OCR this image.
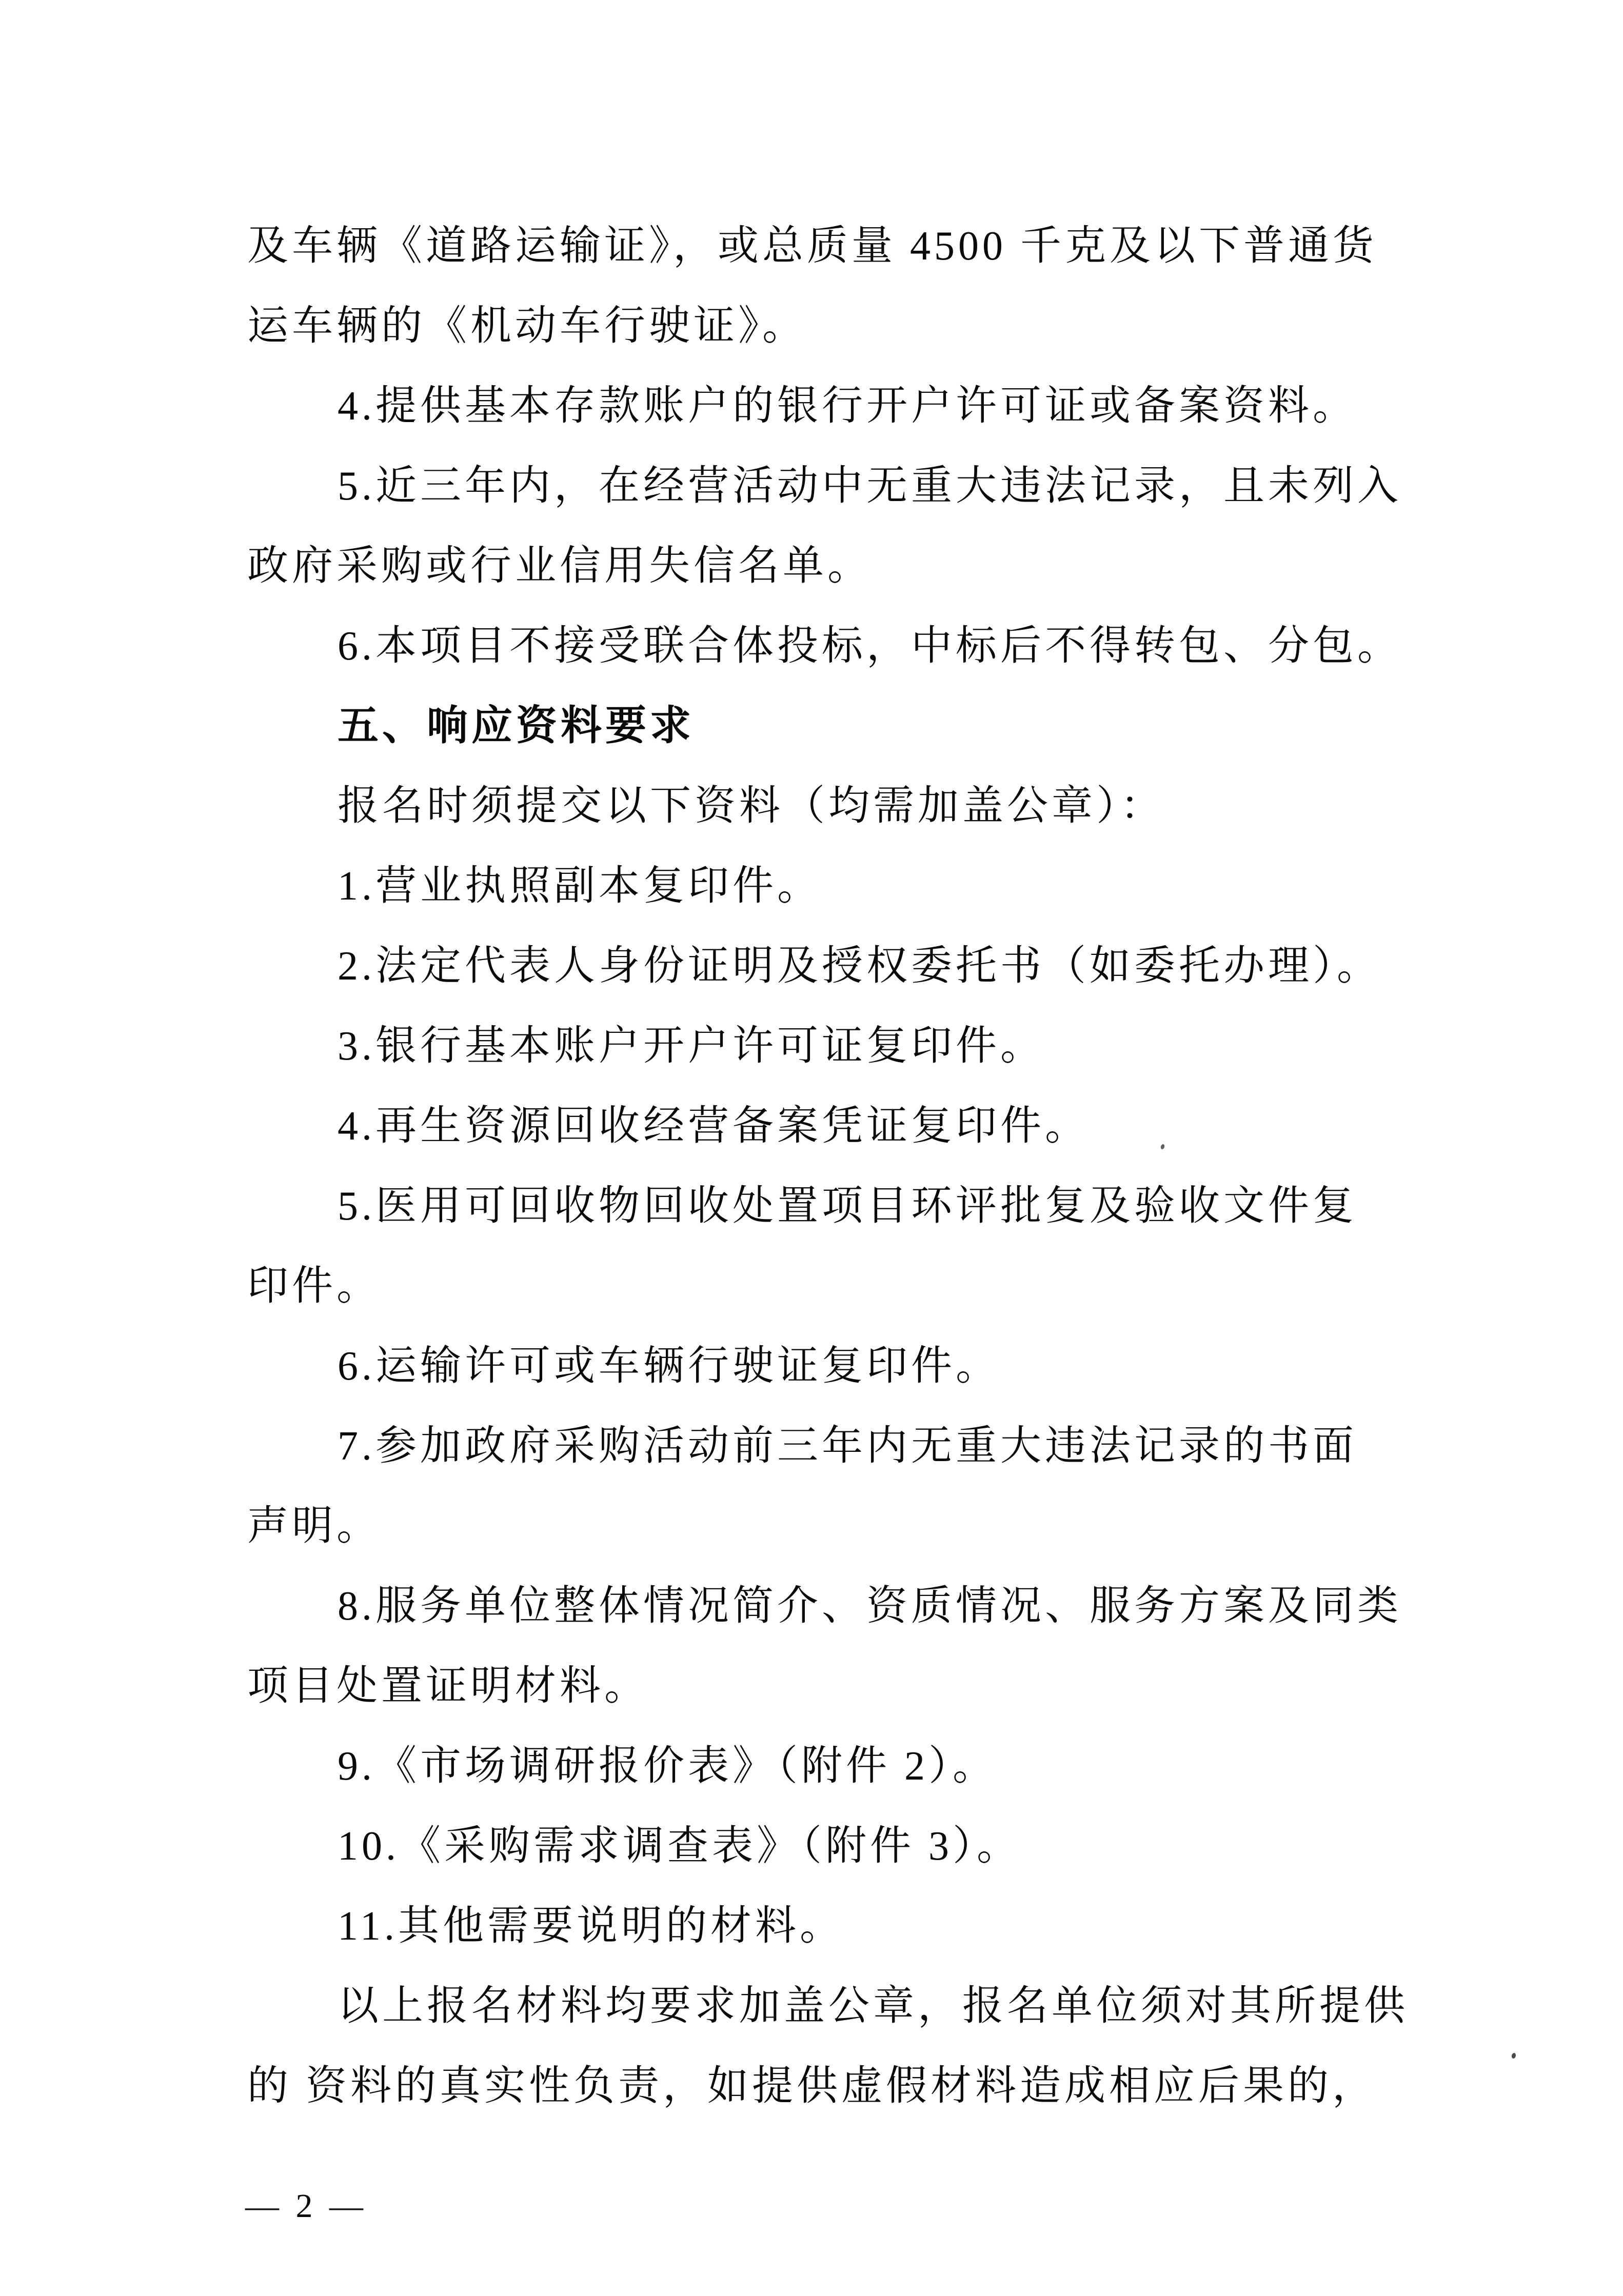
及车辆《道路运输证》，或总质量 4500 千克及以下普通货
运车辆的《机动车行驶证》。
4.提供基本存款账户的银行开户许可证或备案资料。
5.近三年内，在经营活动中无重大违法记录，且未列入
政府采购或行业信用失信名单。
6.本项目不接受联合体投标，中标后不得转包、分包。
五、响应资料要求
报名时须提交以下资料（均需加盖公章）：
1.营业执照副本复印件。
2.法定代表人身份证明及授权委托书（如委托办理）。
3.银行基本账户开户许可证复印件。
4.再生资源回收经营备案凭证复印件。
5.医用可回收物回收处置项目环评批复及验收文件复
印件。
6.运输许可或车辆行驶证复印件。
7.参加政府采购活动前三年内无重大违法记录的书面
声明。
8.服务单位整体情况简介、资质情况、服务方案及同类
项目处置证明材料。
9.《市场调研报价表》（附件 2）。
10.《采购需求调查表》（附件 3）。
11.其他需要说明的材料。
以上报名材料均要求加盖公章，报名单位须对其所提供
的 资料的真实性负责，如提供虚假材料造成相应后果的，
— 2 —
